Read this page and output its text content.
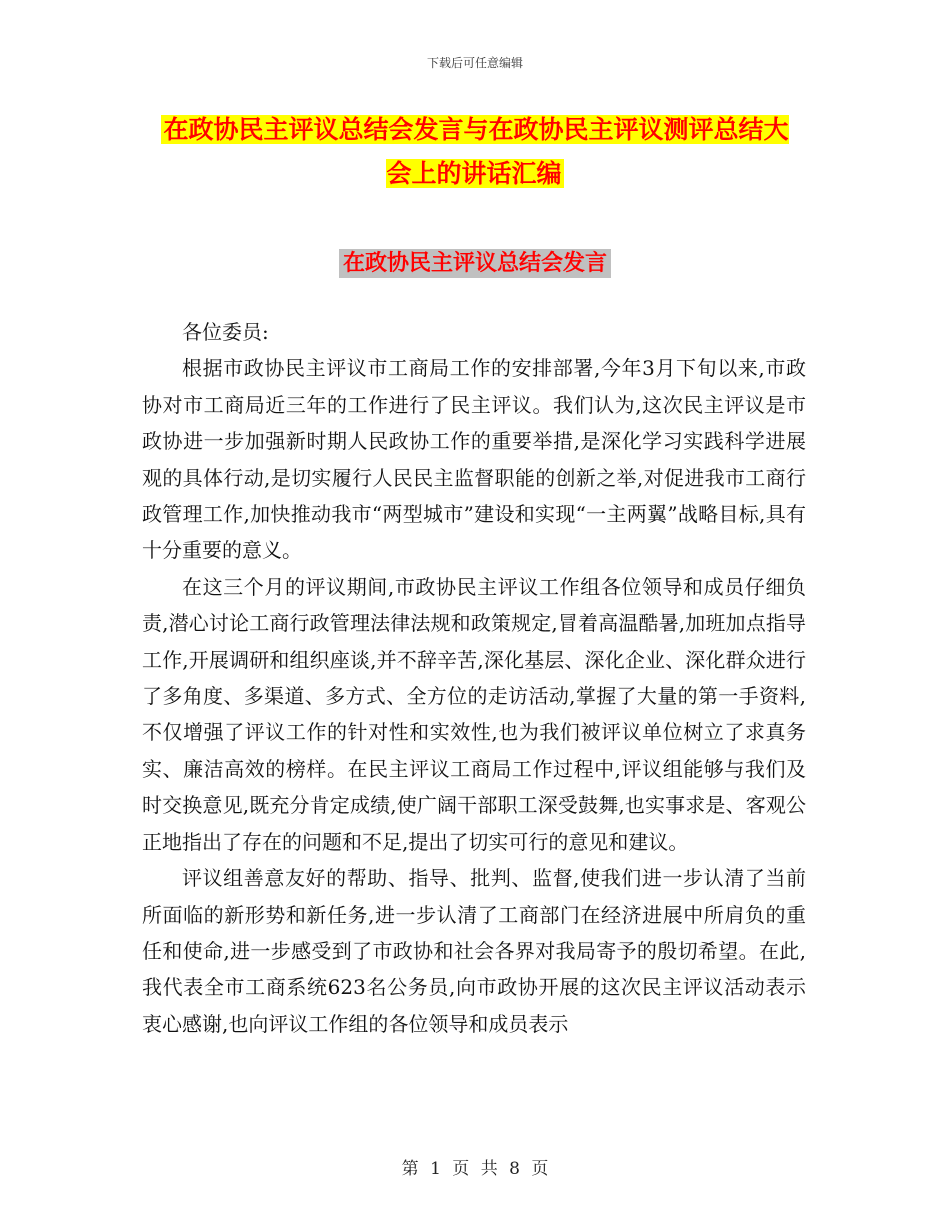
下载后可任意编辑
在政协民主评议总结会发言与在政协民主评议测评总结大会上的讲话汇编
在政协民主评议总结会发言

各位委员:

根据市政协民主评议市工商局工作的安排部署,今年3月下旬以来,市政协对市工商局近三年的工作进行了民主评议。我们认为,这次民主评议是市政协进一步加强新时期人民政协工作的重要举措,是深化学习实践科学进展观的具体行动,是切实履行人民民主监督职能的创新之举,对促进我市工商行政管理工作,加快推动我市“两型城市”建设和实现“一主两翼”战略目标,具有十分重要的意义。

在这三个月的评议期间,市政协民主评议工作组各位领导和成员仔细负责,潜心讨论工商行政管理法律法规和政策规定,冒着高温酷暑,加班加点指导工作,开展调研和组织座谈,并不辞辛苦,深化基层、深化企业、深化群众进行了多角度、多渠道、多方式、全方位的走访活动,掌握了大量的第一手资料,不仅增强了评议工作的针对性和实效性,也为我们被评议单位树立了求真务实、廉洁高效的榜样。在民主评议工商局工作过程中,评议组能够与我们及时交换意见,既充分肯定成绩,使广阔干部职工深受鼓舞,也实事求是、客观公正地指出了存在的问题和不足,提出了切实可行的意见和建议。

评议组善意友好的帮助、指导、批判、监督,使我们进一步认清了当前所面临的新形势和新任务,进一步认清了工商部门在经济进展中所肩负的重任和使命,进一步感受到了市政协和社会各界对我局寄予的殷切希望。在此,我代表全市工商系统623名公务员,向市政协开展的这次民主评议活动表示衷心感谢,也向评议工作组的各位领导和成员表示

第 1 页 共 8 页
